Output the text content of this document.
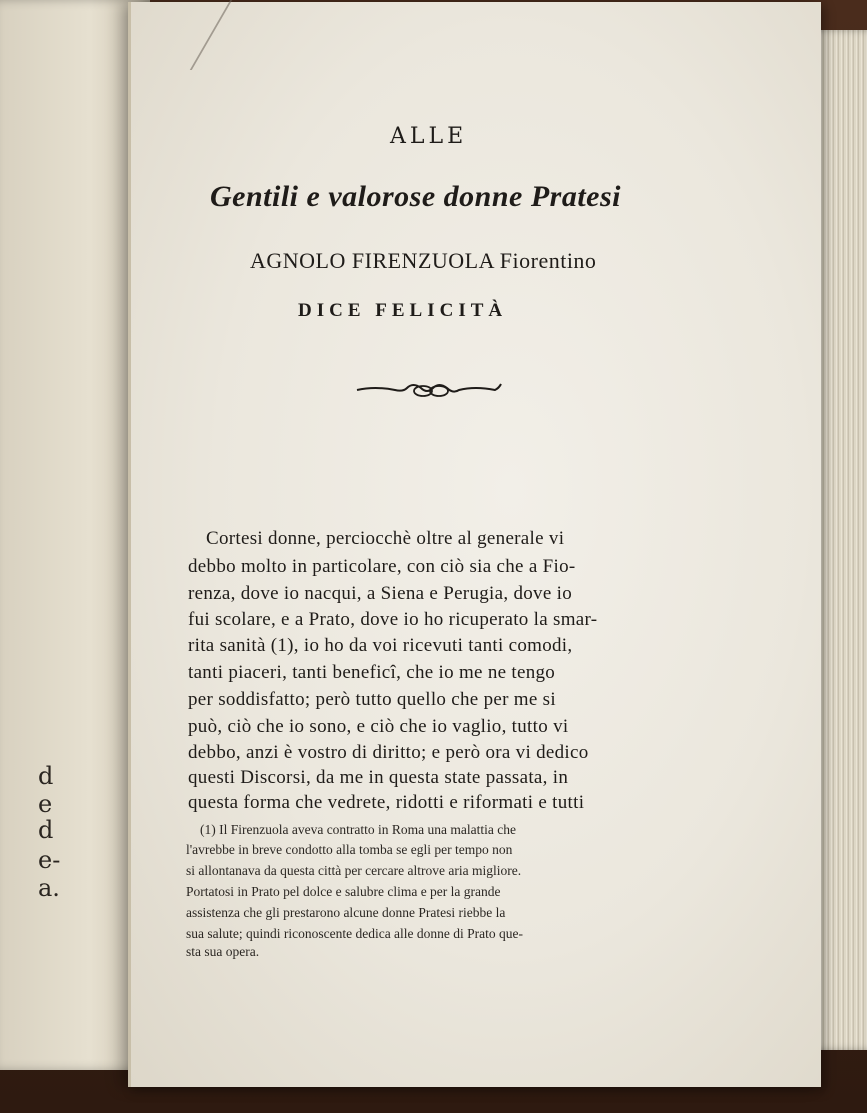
d
e
d
e-
a.
ALLE
Gentili e valorose donne Pratesi
AGNOLO FIRENZUOLA Fiorentino
DICE FELICITÀ
Cortesi donne, perciocchè oltre al generale vi
debbo molto in particolare, con ciò sia che a Fio-
renza, dove io nacqui, a Siena e Perugia, dove io
fui scolare, e a Prato, dove io ho ricuperato la smar-
rita sanità (1), io ho da voi ricevuti tanti comodi,
tanti piaceri, tanti beneficî, che io me ne tengo
per soddisfatto; però tutto quello che per me si
può, ciò che io sono, e ciò che io vaglio, tutto vi
debbo, anzi è vostro di diritto; e però ora vi dedico
questi Discorsi, da me in questa state passata, in
questa forma che vedrete, ridotti e riformati e tutti
(1) Il Firenzuola aveva contratto in Roma una malattia che
l'avrebbe in breve condotto alla tomba se egli per tempo non
si allontanava da questa città per cercare altrove aria migliore.
Portatosi in Prato pel dolce e salubre clima e per la grande
assistenza che gli prestarono alcune donne Pratesi riebbe la
sua salute; quindi riconoscente dedica alle donne di Prato que-
sta sua opera.
